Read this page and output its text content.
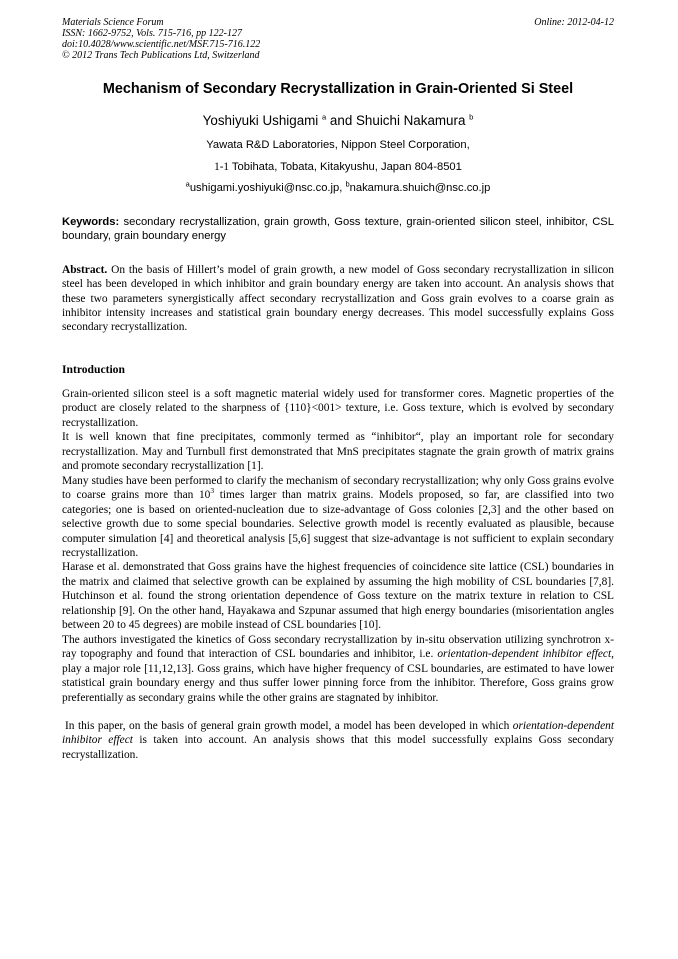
Materials Science Forum
ISSN: 1662-9752, Vols. 715-716, pp 122-127
doi:10.4028/www.scientific.net/MSF.715-716.122
© 2012 Trans Tech Publications Ltd, Switzerland
Online: 2012-04-12
Mechanism of Secondary Recrystallization in Grain-Oriented Si Steel
Yoshiyuki Ushigami $^a$ and Shuichi Nakamura $^b$
Yawata R&D Laboratories, Nippon Steel Corporation,
1-1 Tobihata, Tobata, Kitakyushu, Japan 804-8501
$^a$ushigami.yoshiyuki@nsc.co.jp, $^b$nakamura.shuich@nsc.co.jp
Keywords: secondary recrystallization, grain growth, Goss texture, grain-oriented silicon steel, inhibitor, CSL boundary, grain boundary energy
Abstract. On the basis of Hillert’s model of grain growth, a new model of Goss secondary recrystallization in silicon steel has been developed in which inhibitor and grain boundary energy are taken into account. An analysis shows that these two parameters synergistically affect secondary recrystallization and Goss grain evolves to a coarse grain as inhibitor intensity increases and statistical grain boundary energy decreases. This model successfully explains Goss secondary recrystallization.
Introduction

Grain-oriented silicon steel is a soft magnetic material widely used for transformer cores. Magnetic properties of the product are closely related to the sharpness of {110}<001> texture, i.e. Goss texture, which is evolved by secondary recrystallization.

It is well known that fine precipitates, commonly termed as “inhibitor“, play an important role for secondary recrystallization. May and Turnbull first demonstrated that MnS precipitates stagnate the grain growth of matrix grains and promote secondary recrystallization [1].

Many studies have been performed to clarify the mechanism of secondary recrystallization; why only Goss grains evolve to coarse grains more than $10^3$ times larger than matrix grains. Models proposed, so far, are classified into two categories; one is based on oriented-nucleation due to size-advantage of Goss colonies [2,3] and the other based on selective growth due to some special boundaries. Selective growth model is recently evaluated as plausible, because computer simulation [4] and theoretical analysis [5,6] suggest that size-advantage is not sufficient to explain secondary recrystallization.

Harase et al. demonstrated that Goss grains have the highest frequencies of coincidence site lattice (CSL) boundaries in the matrix and claimed that selective growth can be explained by assuming the high mobility of CSL boundaries [7,8]. Hutchinson et al. found the strong orientation dependence of Goss texture on the matrix texture in relation to CSL relationship [9]. On the other hand, Hayakawa and Szpunar assumed that high energy boundaries (misorientation angles between 20 to 45 degrees) are mobile instead of CSL boundaries [10].

The authors investigated the kinetics of Goss secondary recrystallization by in-situ observation utilizing synchrotron x-ray topography and found that interaction of CSL boundaries and inhibitor, i.e. orientation-dependent inhibitor effect, play a major role [11,12,13]. Goss grains, which have higher frequency of CSL boundaries, are estimated to have lower statistical grain boundary energy and thus suffer lower pinning force from the inhibitor. Therefore, Goss grains grow preferentially as secondary grains while the other grains are stagnated by inhibitor.

In this paper, on the basis of general grain growth model, a model has been developed in which orientation-dependent inhibitor effect is taken into account. An analysis shows that this model successfully explains Goss secondary recrystallization.
